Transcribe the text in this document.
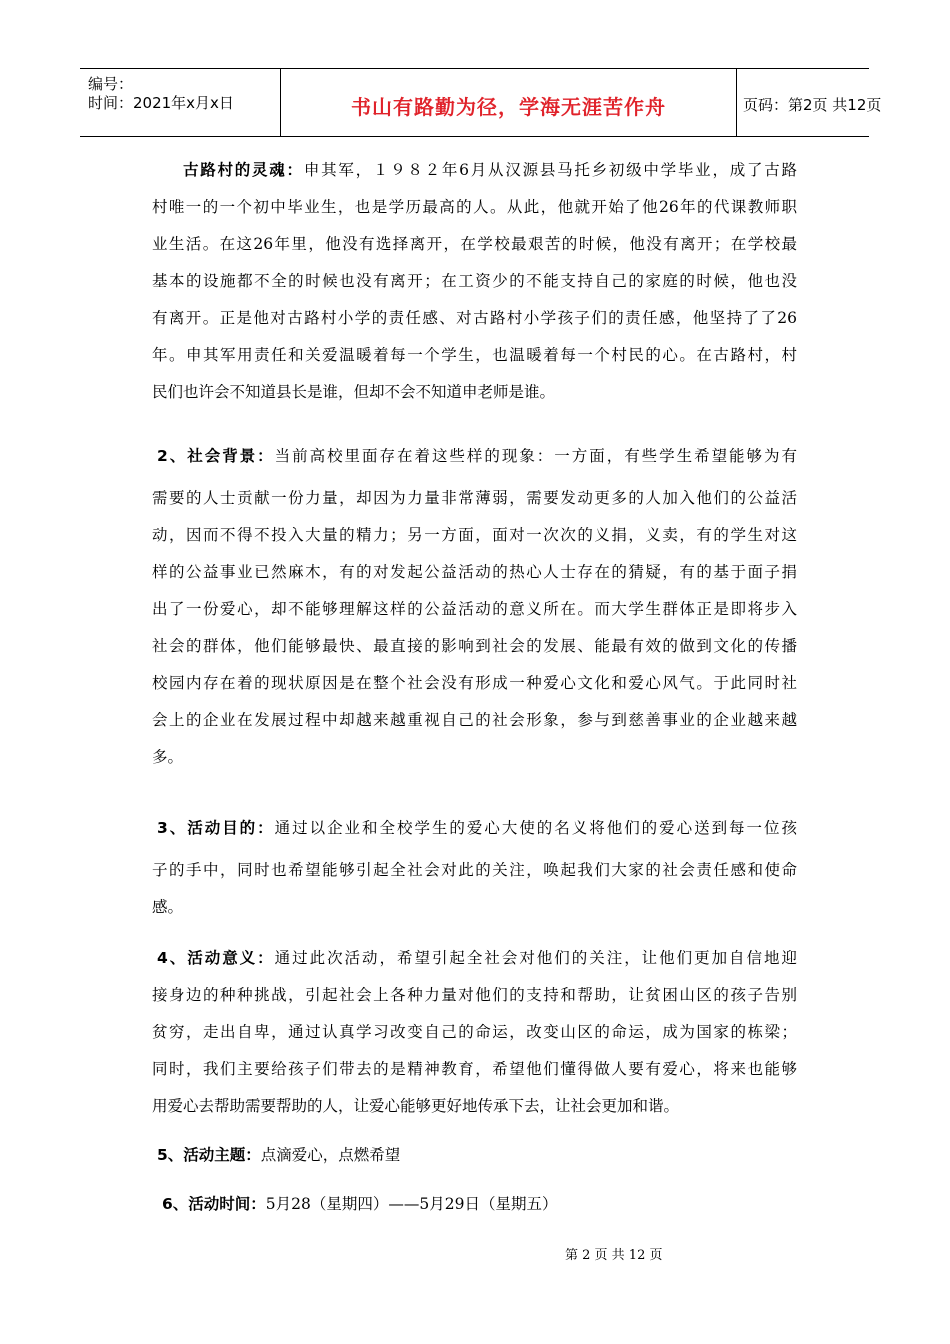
编号：
时间：2021年x月x日	书山有路勤为径，学海无涯苦作舟	页码：第2页 共12页
古路村的灵魂：申其军，１９８２年6月从汉源县马托乡初级中学毕业，成了古路
村唯一的一个初中毕业生，也是学历最高的人。从此，他就开始了他26年的代课教师职
业生活。在这26年里，他没有选择离开，在学校最艰苦的时候，他没有离开；在学校最
基本的设施都不全的时候也没有离开；在工资少的不能支持自己的家庭的时候，他也没
有离开。正是他对古路村小学的责任感、对古路村小学孩子们的责任感，他坚持了了26
年。申其军用责任和关爱温暖着每一个学生，也温暖着每一个村民的心。在古路村，村
民们也许会不知道县长是谁，但却不会不知道申老师是谁。
2、社会背景：当前高校里面存在着这些样的现象：一方面，有些学生希望能够为有
需要的人士贡献一份力量，却因为力量非常薄弱，需要发动更多的人加入他们的公益活
动，因而不得不投入大量的精力；另一方面，面对一次次的义捐，义卖，有的学生对这
样的公益事业已然麻木，有的对发起公益活动的热心人士存在的猜疑，有的基于面子捐
出了一份爱心，却不能够理解这样的公益活动的意义所在。而大学生群体正是即将步入
社会的群体，他们能够最快、最直接的影响到社会的发展、能最有效的做到文化的传播
校园内存在着的现状原因是在整个社会没有形成一种爱心文化和爱心风气。于此同时社
会上的企业在发展过程中却越来越重视自己的社会形象，参与到慈善事业的企业越来越
多。
3、活动目的：通过以企业和全校学生的爱心大使的名义将他们的爱心送到每一位孩
子的手中，同时也希望能够引起全社会对此的关注，唤起我们大家的社会责任感和使命
感。
4、活动意义：通过此次活动，希望引起全社会对他们的关注，让他们更加自信地迎
接身边的种种挑战，引起社会上各种力量对他们的支持和帮助，让贫困山区的孩子告别
贫穷，走出自卑，通过认真学习改变自己的命运，改变山区的命运，成为国家的栋梁；
同时，我们主要给孩子们带去的是精神教育，希望他们懂得做人要有爱心，将来也能够
用爱心去帮助需要帮助的人，让爱心能够更好地传承下去，让社会更加和谐。
5、活动主题：点滴爱心，点燃希望
6、活动时间：5月28（星期四）——5月29日（星期五）
第 2 页 共 12 页
